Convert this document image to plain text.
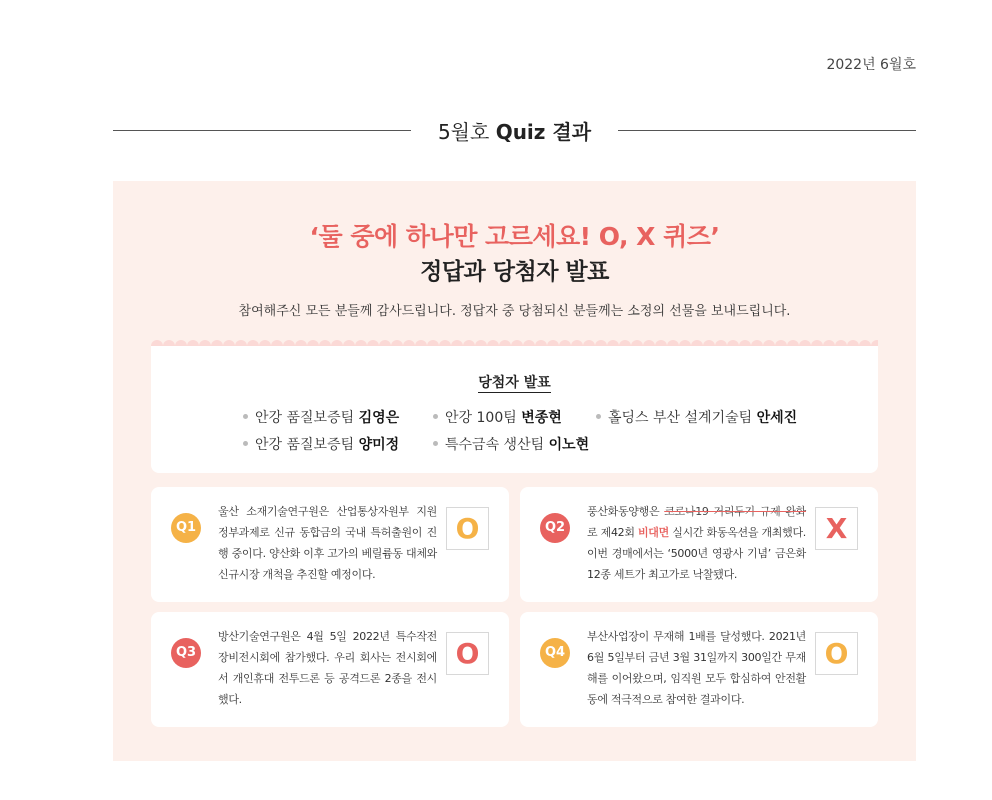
2022년 6월호
5월호 Quiz 결과
‘둘 중에 하나만 고르세요! O, X 퀴즈’
정답과 당첨자 발표
참여해주신 모든 분들께 감사드립니다. 정답자 중 당첨되신 분들께는 소정의 선물을 보내드립니다.
당첨자 발표
안강 품질보증팀 김영은	안강 100팀 변종현	홀딩스 부산 설계기술팀 안세진
안강 품질보증팀 양미정	특수금속 생산팀 이노현
Q1
울산 소재기술연구원은 산업통상자원부 지원 정부과제로 신규 동합금의 국내 특허출원이 진행 중이다. 양산화 이후 고가의 베릴륨동 대체와 신규시장 개척을 추진할 예정이다.
O	Q2
풍산화동양행은 코로나19 거리두기 규제 완화로 제42회 비대면 실시간 화동옥션을 개최했다. 이번 경매에서는 ‘5000년 영광사 기념’ 금은화 12종 세트가 최고가로 낙찰됐다.
X
Q3
방산기술연구원은 4월 5일 2022년 특수작전 장비전시회에 참가했다. 우리 회사는 전시회에서 개인휴대 전투드론 등 공격드론 2종을 전시했다.
O	Q4
부산사업장이 무재해 1배를 달성했다. 2021년 6월 5일부터 금년 3월 31일까지 300일간 무재해를 이어왔으며, 임직원 모두 합심하여 안전활동에 적극적으로 참여한 결과이다.
O
